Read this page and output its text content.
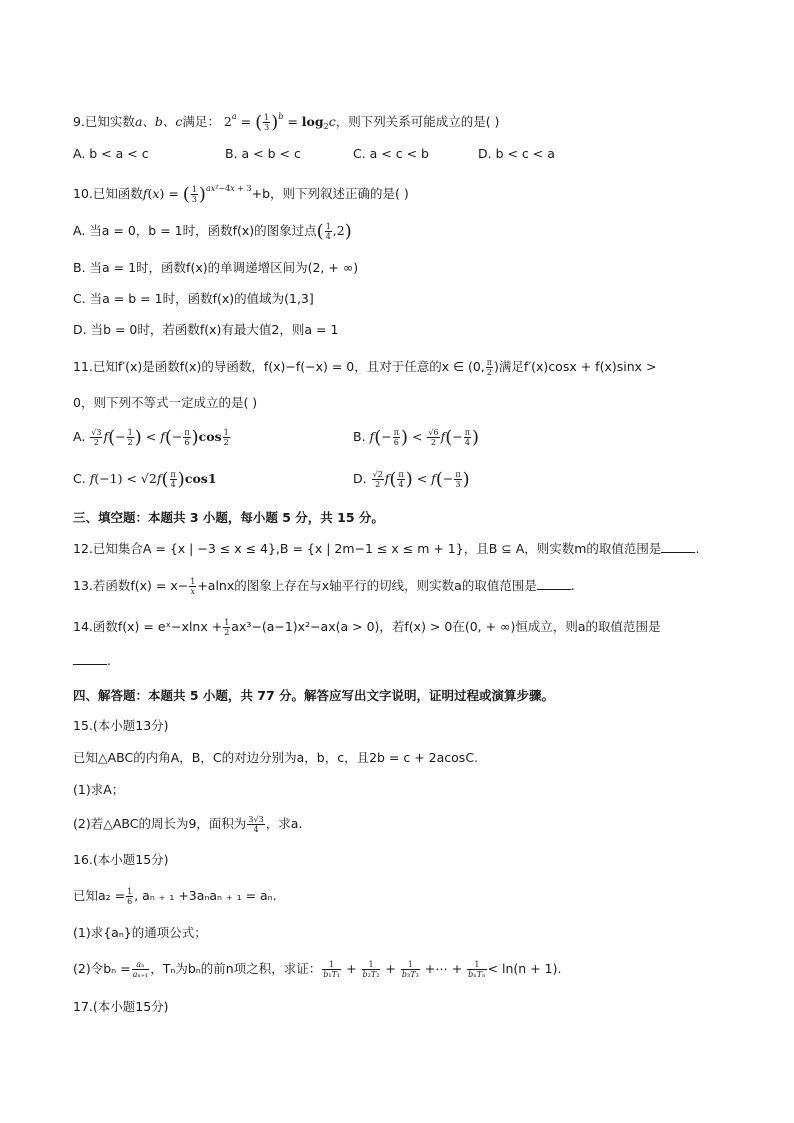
9.已知实数a、b、c满足： $2^a$ = ( $\frac{1}{3} )^b = \log_2c$，则下列关系可能成立的是( )
A. b < a < c	B. a < b < c	C. a < c < b	D. b < c < a
10.已知函数f(x) = ( $\frac{1}{3} )^{ax^2-4x + 3}+b$，则下列叙述正确的是( )
A. 当a = 0，b = 1时，函数f(x)的图象过点( $\frac{1}{4} ,2$)
B. 当a = 1时，函数f(x)的单调递增区间为(2, + ∞)
C. 当a = b = 1时，函数f(x)的值域为(1,3]
D. 当b = 0时，若函数f(x)有最大值2，则a = 1
11.已知f′(x)是函数f(x)的导函数，f(x)−f(−x) = 0，且对于任意的x ∈ (0, $\frac{\pi}{2}$ )满足f′(x)cosx + f(x)sinx >
0，则下列不等式一定成立的是( )
A. $\frac{√3}{2} f(- \frac{1}{2}$ ) < $f(- \frac{\pi}{6} )\cos \frac{1}{2}$	B. $f(- \frac{\pi}{6}$ ) < $\frac{√6}{2} f(- \frac{\pi}{4}$ )
C. $f(-1) < √2f( \frac{\pi}{4} )\cos 1$	D. $\frac{√2}{2} f( \frac{\pi}{4}$ ) < $f(- \frac{\pi}{3}$ )
三、填空题：本题共 3 小题，每小题 5 分，共 15 分。
12.已知集合A = {x | −3 ≤ x ≤ 4},B = {x | 2m−1 ≤ x ≤ m + 1}，且B ⊆ A，则实数m的取值范围是	.
13.若函数$f(x) = x- \frac{1}{x} +alnx$的图象上存在与x轴平行的切线，则实数a的取值范围是	.
14.函数f(x) = eˣ−xlnx + $\frac{1}{2} ax^3-(a-1)x^2-ax(a > 0)$，若f(x) > 0在(0, + ∞)恒成立，则a的取值范围是
.
四、解答题：本题共 5 小题，共 77 分。解答应写出文字说明，证明过程或演算步骤。
15.(本小题13分)
已知△ABC的内角A，B，C的对边分别为a，b，c，且2b = c + 2acosC.
(1)求A；
(2)若△ABC的周长为9，面积为 $\frac{3√3}{4}$ ，求a.
16.(本小题15分)
已知$a_2 = \frac{1}{6}$ , aₙ ₊ ₁ +3aₙaₙ ₊ ₁ = aₙ.
(1)求{aₙ}的通项公式；
(2)令$b_n = \frac{\text{aₙ}}{\text{aₙ₊₁}}$ ，Tₙ为bₙ的前n项之积，求证： $\frac{1}{\text{b₁T₁}} + \frac{1}{\text{b₂T₂}} + \frac{1}{\text{b₃T₃}}$ +⋯ + $\frac{1}{\text{bₙTₙ}} < \ln(n + 1)$.
17.(本小题15分)
